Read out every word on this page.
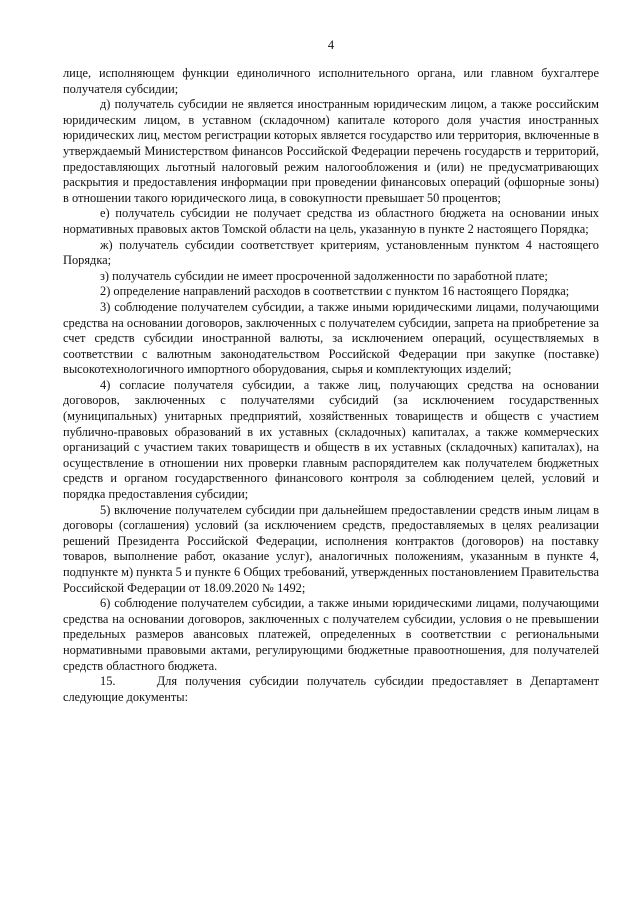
4

лице, исполняющем функции единоличного исполнительного органа, или главном бухгалтере получателя субсидии;

д) получатель субсидии не является иностранным юридическим лицом, а также российским юридическим лицом, в уставном (складочном) капитале которого доля участия иностранных юридических лиц, местом регистрации которых является государство или территория, включенные в утверждаемый Министерством финансов Российской Федерации перечень государств и территорий, предоставляющих льготный налоговый режим налогообложения и (или) не предусматривающих раскрытия и предоставления информации при проведении финансовых операций (офшорные зоны) в отношении такого юридического лица, в совокупности превышает 50 процентов;

е) получатель субсидии не получает средства из областного бюджета на основании иных нормативных правовых актов Томской области на цель, указанную в пункте 2 настоящего Порядка;

ж) получатель субсидии соответствует критериям, установленным пунктом 4 настоящего Порядка;

з) получатель субсидии не имеет просроченной задолженности по заработной плате;

2) определение направлений расходов в соответствии с пунктом 16 настоящего Порядка;

3) соблюдение получателем субсидии, а также иными юридическими лицами, получающими средства на основании договоров, заключенных с получателем субсидии, запрета на приобретение за счет средств субсидии иностранной валюты, за исключением операций, осуществляемых в соответствии с валютным законодательством Российской Федерации при закупке (поставке) высокотехнологичного импортного оборудования, сырья и комплектующих изделий;

4) согласие получателя субсидии, а также лиц, получающих средства на основании договоров, заключенных с получателями субсидий (за исключением государственных (муниципальных) унитарных предприятий, хозяйственных товариществ и обществ с участием публично-правовых образований в их уставных (складочных) капиталах, а также коммерческих организаций с участием таких товариществ и обществ в их уставных (складочных) капиталах), на осуществление в отношении них проверки главным распорядителем как получателем бюджетных средств и органом государственного финансового контроля за соблюдением целей, условий и порядка предоставления субсидии;

5) включение получателем субсидии при дальнейшем предоставлении средств иным лицам в договоры (соглашения) условий (за исключением средств, предоставляемых в целях реализации решений Президента Российской Федерации, исполнения контрактов (договоров) на поставку товаров, выполнение работ, оказание услуг), аналогичных положениям, указанным в пункте 4, подпункте м) пункта 5 и пункте 6 Общих требований, утвержденных постановлением Правительства Российской Федерации от 18.09.2020 № 1492;

6) соблюдение получателем субсидии, а также иными юридическими лицами, получающими средства на основании договоров, заключенных с получателем субсидии, условия о не превышении предельных размеров авансовых платежей, определенных в соответствии с региональными нормативными правовыми актами, регулирующими бюджетные правоотношения, для получателей средств областного бюджета.

15.     Для получения субсидии получатель субсидии предоставляет в Департамент следующие документы:
